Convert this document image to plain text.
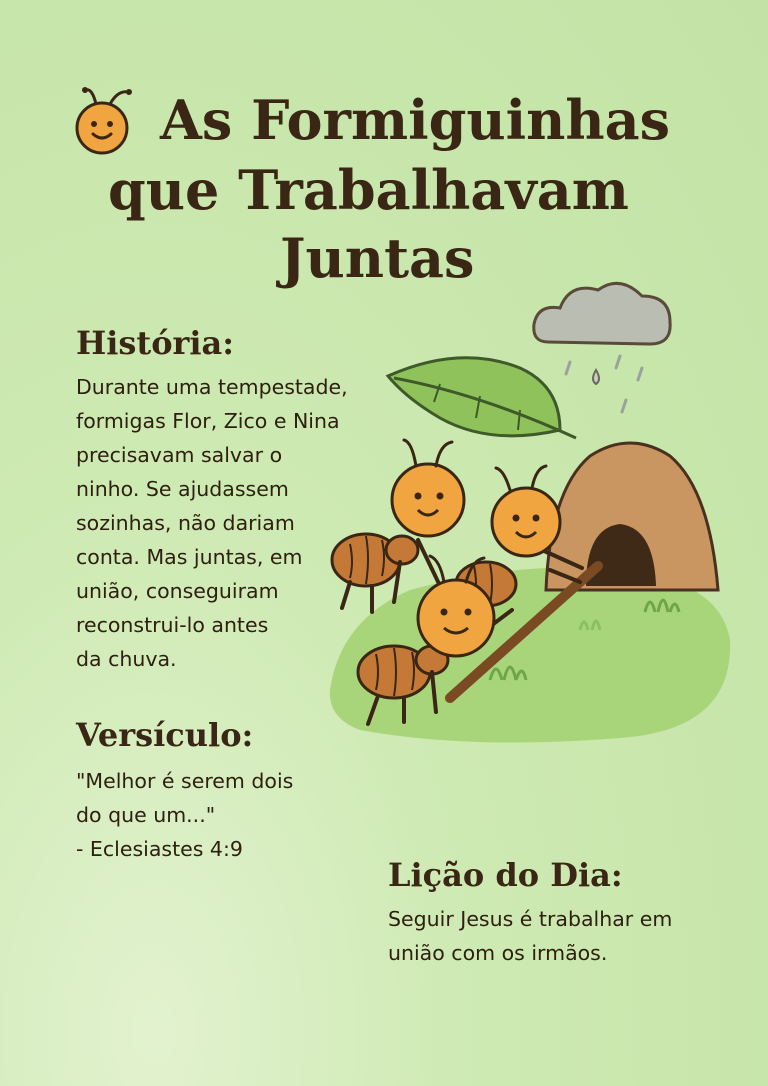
As Formiguinhas
que Trabalhavam
Juntas
História:
Durante uma tempestade,
formigas Flor, Zico e Nina
precisavam salvar o
ninho. Se ajudassem
sozinhas, não dariam
conta. Mas juntas, em
união, conseguiram
reconstrui-lo antes
da chuva.
Versículo:
"Melhor é serem dois
do que um..."
- Eclesiastes 4:9
Lição do Dia:
Seguir Jesus é trabalhar em
união com os irmãos.
